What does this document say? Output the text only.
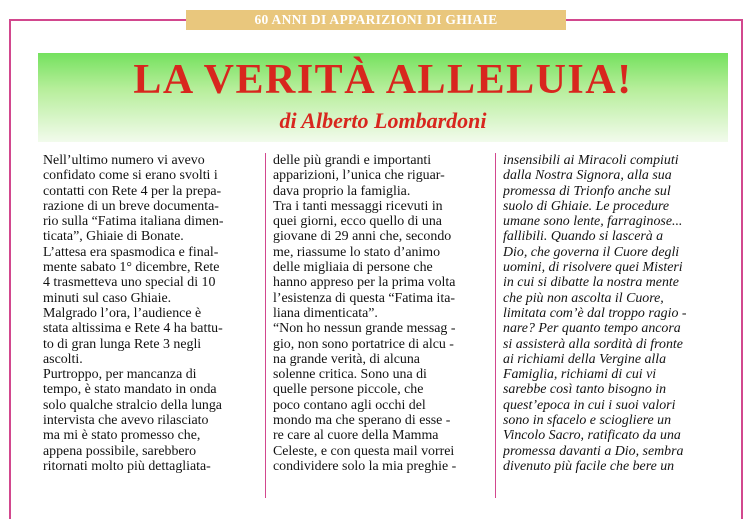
60 ANNI DI APPARIZIONI DI GHIAIE
LA VERITÀ ALLELUIA!
di Alberto Lombardoni

Nell’ultimo numero vi avevo

confidato come si erano svolti i

contatti con Rete 4 per la prepa-

razione di un breve documenta-

rio sulla “Fatima italiana dimen-

ticata”, Ghiaie di Bonate.

L’attesa era spasmodica e final-

mente sabato 1° dicembre, Rete

4 trasmetteva uno special di 10

minuti sul caso Ghiaie.

Malgrado l’ora, l’audience è

stata altissima e Rete 4 ha battu-

to di gran lunga Rete 3 negli

ascolti.

Purtroppo, per mancanza di

tempo, è stato mandato in onda

solo qualche stralcio della lunga

intervista che avevo rilasciato

ma mi è stato promesso che,

appena possibile, sarebbero

ritornati molto più dettagliata-

delle più grandi e importanti

apparizioni, l’unica che riguar-

dava proprio la famiglia.

Tra i tanti messaggi ricevuti in

quei giorni, ecco quello di una

giovane di 29 anni che, secondo

me, riassume lo stato d’animo

delle migliaia di persone che

hanno appreso per la prima volta

l’esistenza di questa “Fatima ita-

liana dimenticata”.

“Non ho nessun grande messag -

gio, non sono portatrice di alcu -

na grande verità, di alcuna

solenne critica. Sono una di

quelle persone piccole, che

poco contano agli occhi del

mondo ma che sperano di esse -

re care al cuore della Mamma

Celeste, e con questa mail vorrei

condividere solo la mia preghie -

insensibili ai Miracoli compiuti

dalla Nostra Signora, alla sua

promessa di Trionfo anche sul

suolo di Ghiaie. Le procedure

umane sono lente, farraginose...

fallibili. Quando si lascerà a

Dio, che governa il Cuore degli

uomini, di risolvere quei Misteri

in cui si dibatte la nostra mente

che più non ascolta il Cuore,

limitata com’è dal troppo ragio -

nare? Per quanto tempo ancora

si assisterà alla sordità di fronte

ai richiami della Vergine alla

Famiglia, richiami di cui vi

sarebbe così tanto bisogno in

quest’epoca in cui i suoi valori

sono in sfacelo e sciogliere un

Vincolo Sacro, ratificato da una

promessa davanti a Dio, sembra

divenuto più facile che bere un
